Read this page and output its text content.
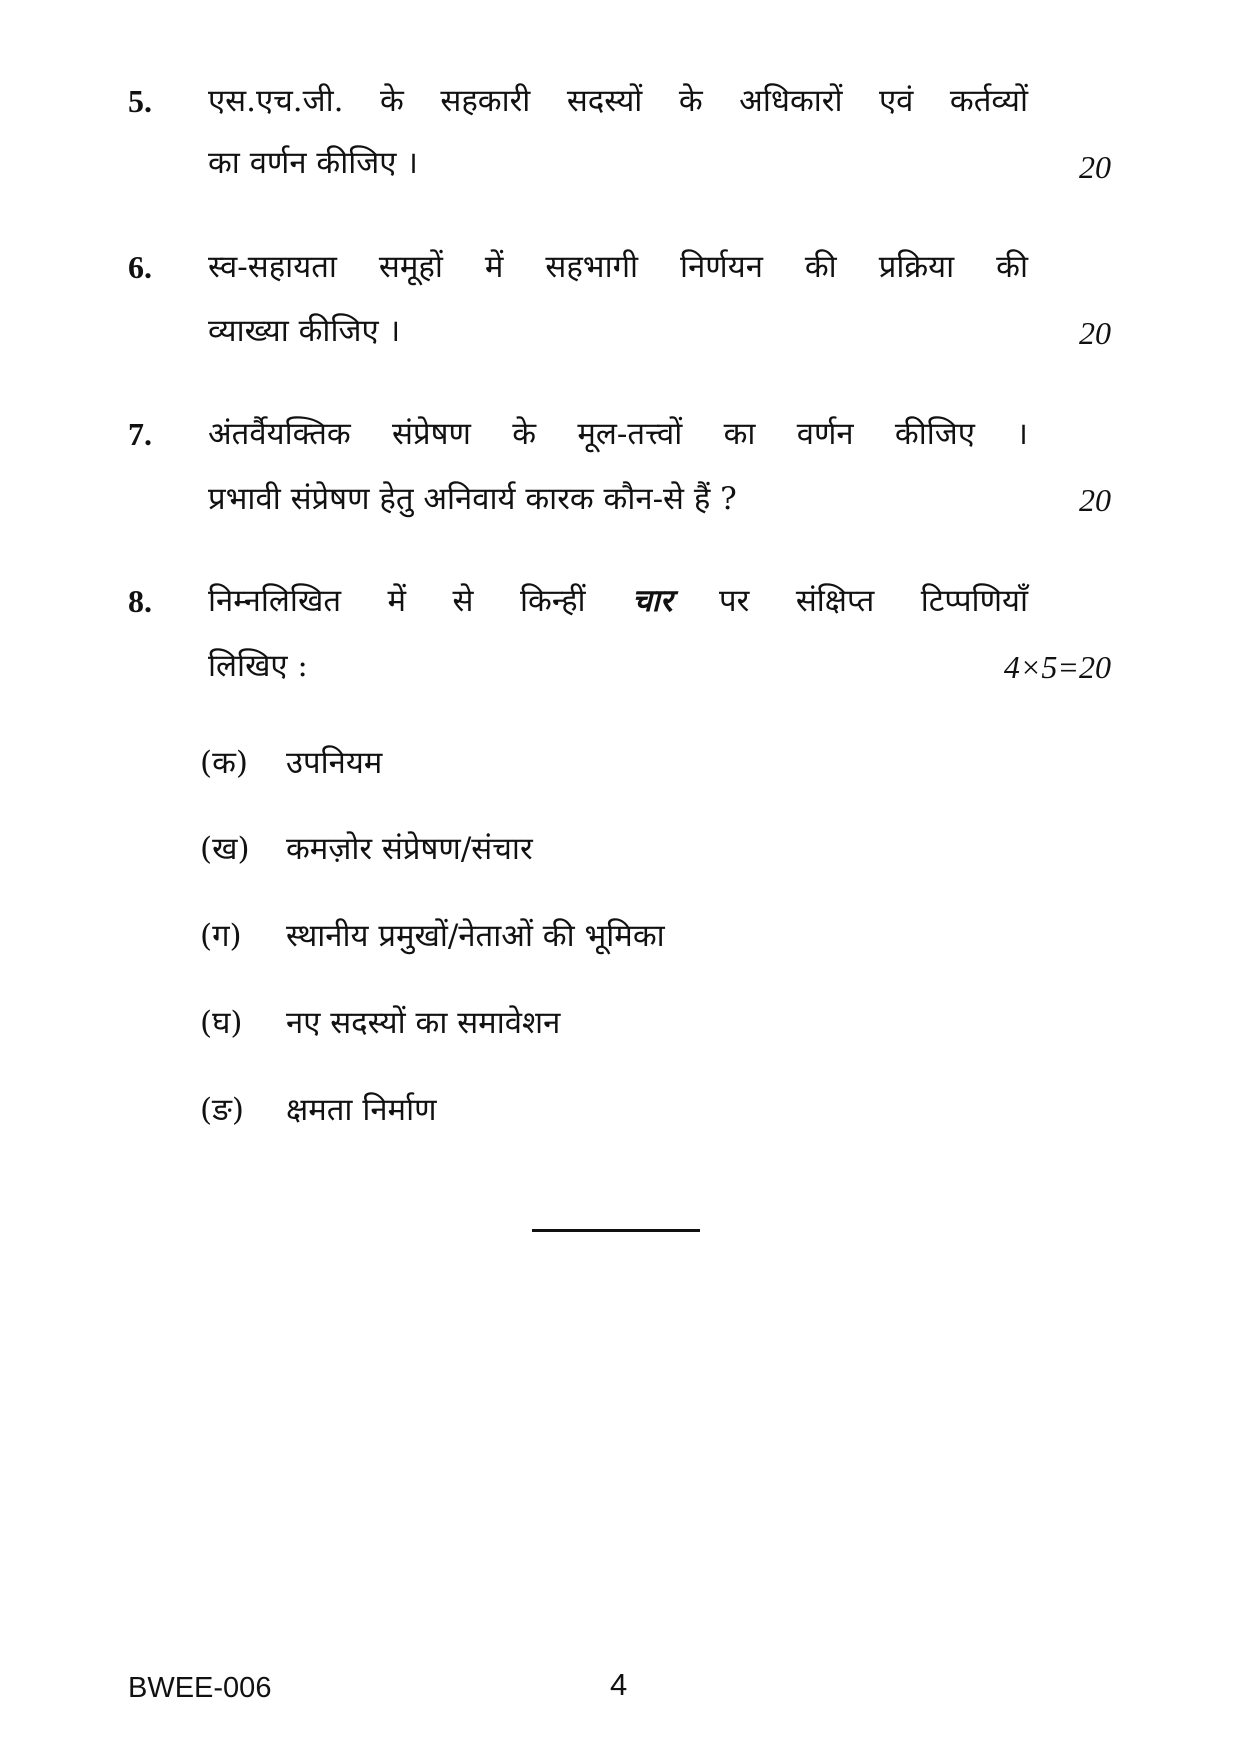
5. एस.एच.जी. के सहकारी सदस्यों के अधिकारों एवं कर्तव्यों
का वर्णन कीजिए ।	20
6. स्व-सहायता समूहों में सहभागी निर्णयन की प्रक्रिया की
व्याख्या कीजिए ।	20
7. अंतर्वैयक्तिक संप्रेषण के मूल-तत्त्वों का वर्णन कीजिए ।
प्रभावी संप्रेषण हेतु अनिवार्य कारक कौन-से हैं ?	20
8. निम्नलिखित में से किन्हीं चार पर संक्षिप्त टिप्पणियाँ
लिखिए :	4×5=20
(क) उपनियम
(ख) कमज़ोर संप्रेषण/संचार
(ग) स्थानीय प्रमुखों/नेताओं की भूमिका
(घ) नए सदस्यों का समावेशन
(ङ) क्षमता निर्माण
BWEE-006	4
